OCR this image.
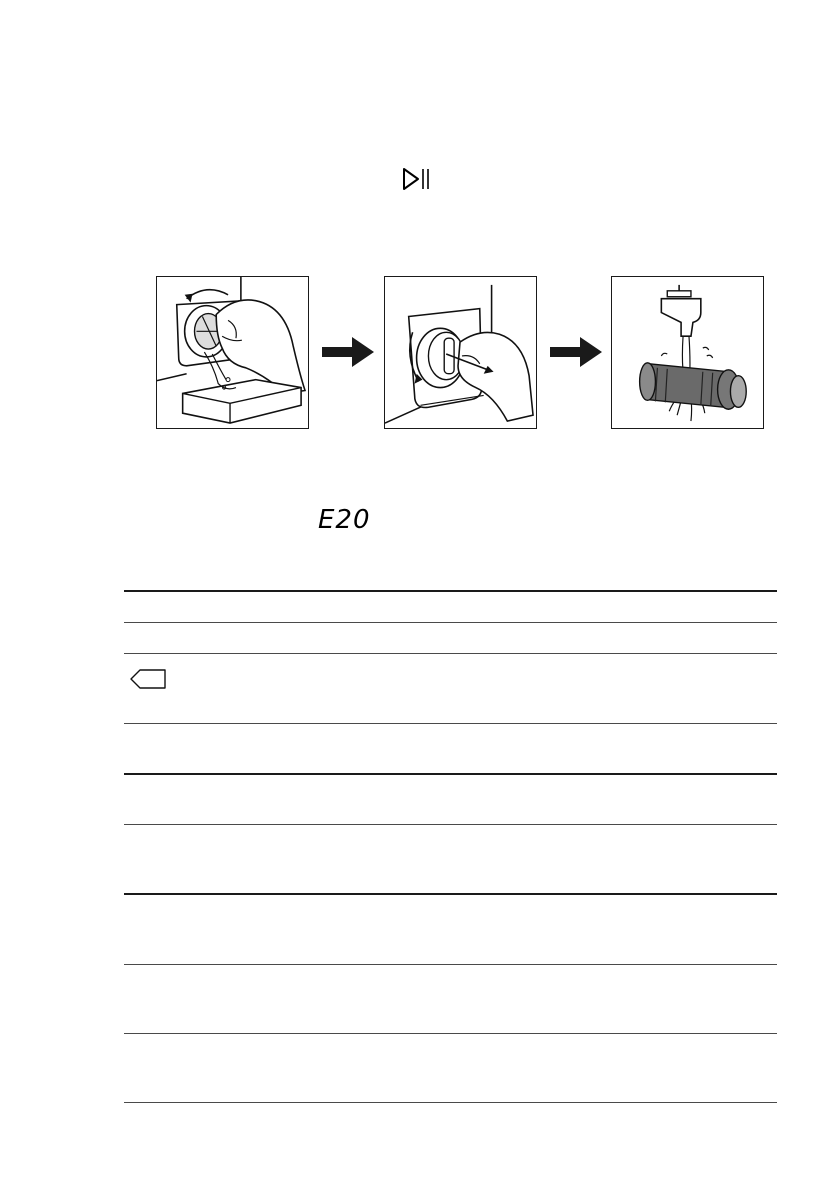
E20
